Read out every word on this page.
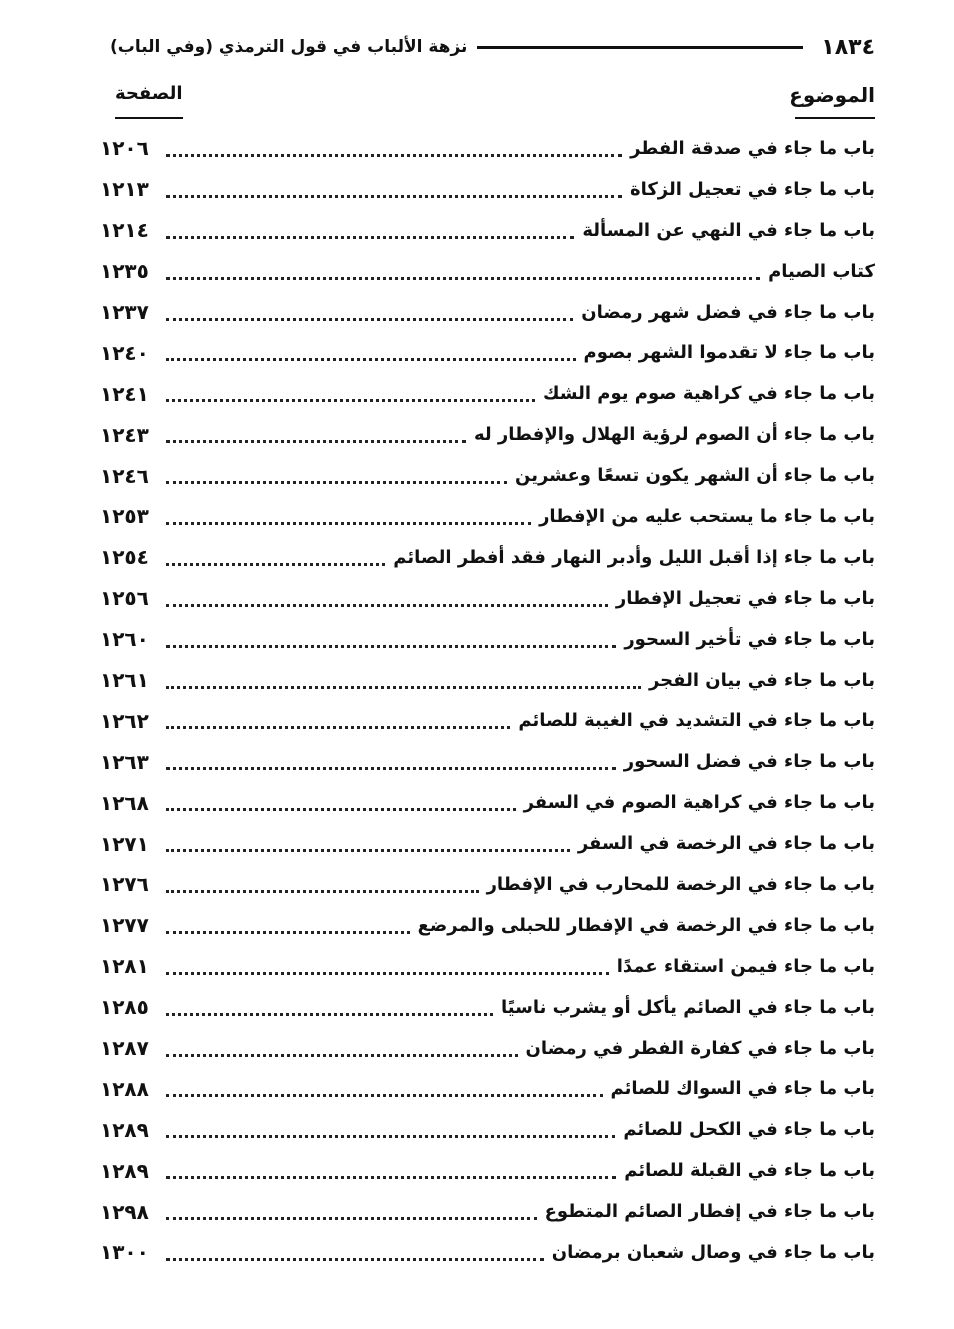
١٨٣٤
نزهة الألباب في قول الترمذي (وفي الباب)
الموضوع
الصفحة
باب ما جاء في صدقة الفطر
١٢٠٦
باب ما جاء في تعجيل الزكاة
١٢١٣
باب ما جاء في النهي عن المسألة
١٢١٤
كتاب الصيام
١٢٣٥
باب ما جاء في فضل شهر رمضان
١٢٣٧
باب ما جاء لا تقدموا الشهر بصوم
١٢٤٠
باب ما جاء في كراهية صوم يوم الشك
١٢٤١
باب ما جاء أن الصوم لرؤية الهلال والإفطار له
١٢٤٣
باب ما جاء أن الشهر يكون تسعًا وعشرين
١٢٤٦
باب ما جاء ما يستحب عليه من الإفطار
١٢٥٣
باب ما جاء إذا أقبل الليل وأدبر النهار فقد أفطر الصائم
١٢٥٤
باب ما جاء في تعجيل الإفطار
١٢٥٦
باب ما جاء في تأخير السحور
١٢٦٠
باب ما جاء في بيان الفجر
١٢٦١
باب ما جاء في التشديد في الغيبة للصائم
١٢٦٢
باب ما جاء في فضل السحور
١٢٦٣
باب ما جاء في كراهية الصوم في السفر
١٢٦٨
باب ما جاء في الرخصة في السفر
١٢٧١
باب ما جاء في الرخصة للمحارب في الإفطار
١٢٧٦
باب ما جاء في الرخصة في الإفطار للحبلى والمرضع
١٢٧٧
باب ما جاء فيمن استقاء عمدًا
١٢٨١
باب ما جاء في الصائم يأكل أو يشرب ناسيًا
١٢٨٥
باب ما جاء في كفارة الفطر في رمضان
١٢٨٧
باب ما جاء في السواك للصائم
١٢٨٨
باب ما جاء في الكحل للصائم
١٢٨٩
باب ما جاء في القبلة للصائم
١٢٨٩
باب ما جاء في إفطار الصائم المتطوع
١٢٩٨
باب ما جاء في وصال شعبان برمضان
١٣٠٠
